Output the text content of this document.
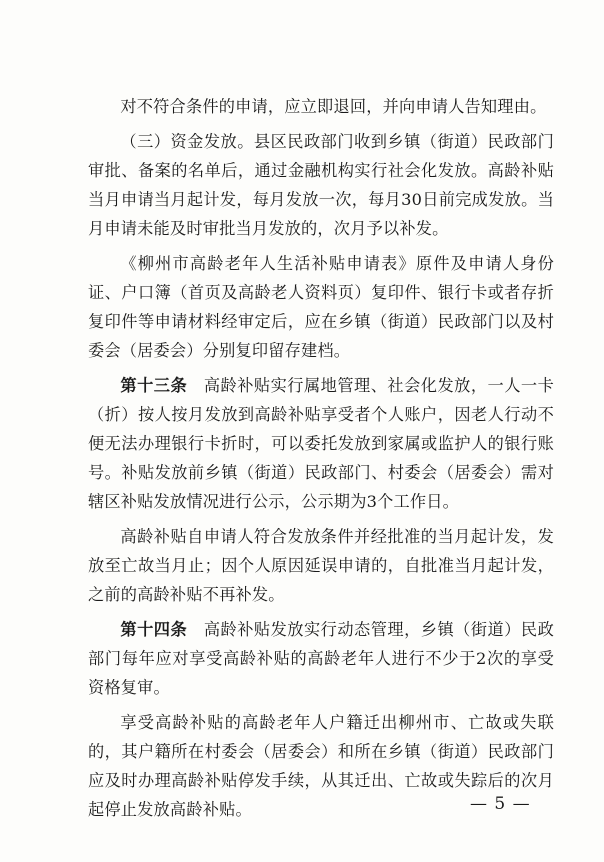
对不符合条件的申请，应立即退回，并向申请人告知理由。

（三）资金发放。县区民政部门收到乡镇（街道）民政部门审批、备案的名单后，通过金融机构实行社会化发放。高龄补贴当月申请当月起计发，每月发放一次，每月30日前完成发放。当月申请未能及时审批当月发放的，次月予以补发。

《柳州市高龄老年人生活补贴申请表》原件及申请人身份证、户口簿（首页及高龄老人资料页）复印件、银行卡或者存折复印件等申请材料经审定后，应在乡镇（街道）民政部门以及村委会（居委会）分别复印留存建档。

第十三条　高龄补贴实行属地管理、社会化发放，一人一卡（折）按人按月发放到高龄补贴享受者个人账户，因老人行动不便无法办理银行卡折时，可以委托发放到家属或监护人的银行账号。补贴发放前乡镇（街道）民政部门、村委会（居委会）需对辖区补贴发放情况进行公示，公示期为3个工作日。

高龄补贴自申请人符合发放条件并经批准的当月起计发，发放至亡故当月止；因个人原因延误申请的，自批准当月起计发，之前的高龄补贴不再补发。

第十四条　高龄补贴发放实行动态管理，乡镇（街道）民政部门每年应对享受高龄补贴的高龄老年人进行不少于2次的享受资格复审。

享受高龄补贴的高龄老年人户籍迁出柳州市、亡故或失联的，其户籍所在村委会（居委会）和所在乡镇（街道）民政部门应及时办理高龄补贴停发手续，从其迁出、亡故或失踪后的次月起停止发放高龄补贴。	— 5 —
